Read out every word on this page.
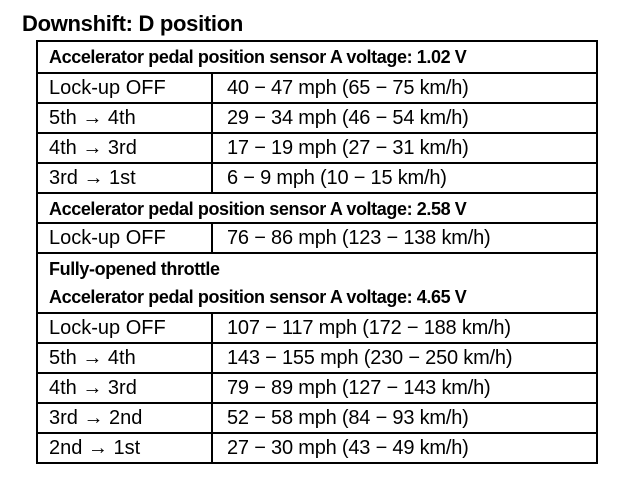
Downshift: D position
Accelerator pedal position sensor A voltage: 1.02 V
Lock-up OFF	40 − 47 mph (65 − 75 km/h)
5th → 4th	29 − 34 mph (46 − 54 km/h)
4th → 3rd	17 − 19 mph (27 − 31 km/h)
3rd → 1st	6 − 9 mph (10 − 15 km/h)
Accelerator pedal position sensor A voltage: 2.58 V
Lock-up OFF	76 − 86 mph (123 − 138 km/h)
Fully-opened throttle
Accelerator pedal position sensor A voltage: 4.65 V
Lock-up OFF	107 − 117 mph (172 − 188 km/h)
5th → 4th	143 − 155 mph (230 − 250 km/h)
4th → 3rd	79 − 89 mph (127 − 143 km/h)
3rd → 2nd	52 − 58 mph (84 − 93 km/h)
2nd → 1st	27 − 30 mph (43 − 49 km/h)
